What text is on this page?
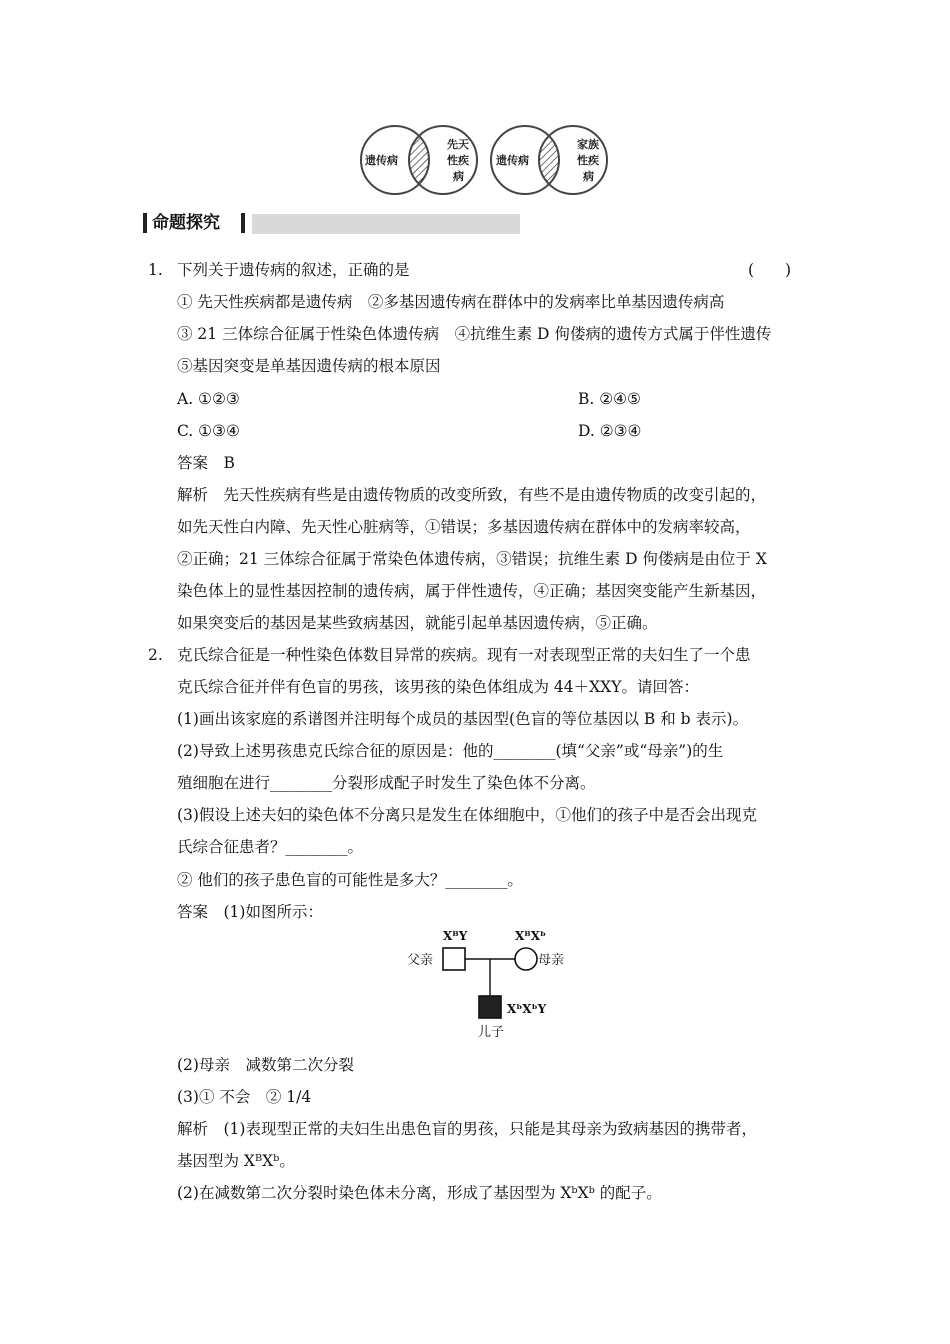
遗传病
先天
性疾
病
遗传病
家族
性疾
病
命题探究
1. 下列关于遗传病的叙述，正确的是	(　　)
① 先天性疾病都是遗传病　②多基因遗传病在群体中的发病率比单基因遗传病高
③ 21 三体综合征属于性染色体遗传病　④抗维生素 D 佝偻病的遗传方式属于伴性遗传
⑤基因突变是单基因遗传病的根本原因
A. ①②③	B. ②④⑤
C. ①③④	D. ②③④
答案　B
解析　先天性疾病有些是由遗传物质的改变所致，有些不是由遗传物质的改变引起的，
如先天性白内障、先天性心脏病等，①错误；多基因遗传病在群体中的发病率较高，
②正确；21 三体综合征属于常染色体遗传病，③错误；抗维生素 D 佝偻病是由位于 X
染色体上的显性基因控制的遗传病，属于伴性遗传，④正确；基因突变能产生新基因，
如果突变后的基因是某些致病基因，就能引起单基因遗传病，⑤正确。
2. 克氏综合征是一种性染色体数目异常的疾病。现有一对表现型正常的夫妇生了一个患
克氏综合征并伴有色盲的男孩，该男孩的染色体组成为 44＋XXY。请回答：
(1)画出该家庭的系谱图并注明每个成员的基因型(色盲的等位基因以 B 和 b 表示)。
(2)导致上述男孩患克氏综合征的原因是：他的________(填“父亲”或“母亲”)的生
殖细胞在进行________分裂形成配子时发生了染色体不分离。
(3)假设上述夫妇的染色体不分离只是发生在体细胞中，①他们的孩子中是否会出现克
氏综合征患者？________。
② 他们的孩子患色盲的可能性是多大？________。
答案　(1)如图所示：
XᴮY	XᴮXᵇ
父亲	母亲
XᵇXᵇY
儿子
(2)母亲　减数第二次分裂
(3)① 不会　② 1/4
解析　(1)表现型正常的夫妇生出患色盲的男孩，只能是其母亲为致病基因的携带者，
基因型为 XᴮXᵇ。
(2)在减数第二次分裂时染色体未分离，形成了基因型为 XᵇXᵇ 的配子。
